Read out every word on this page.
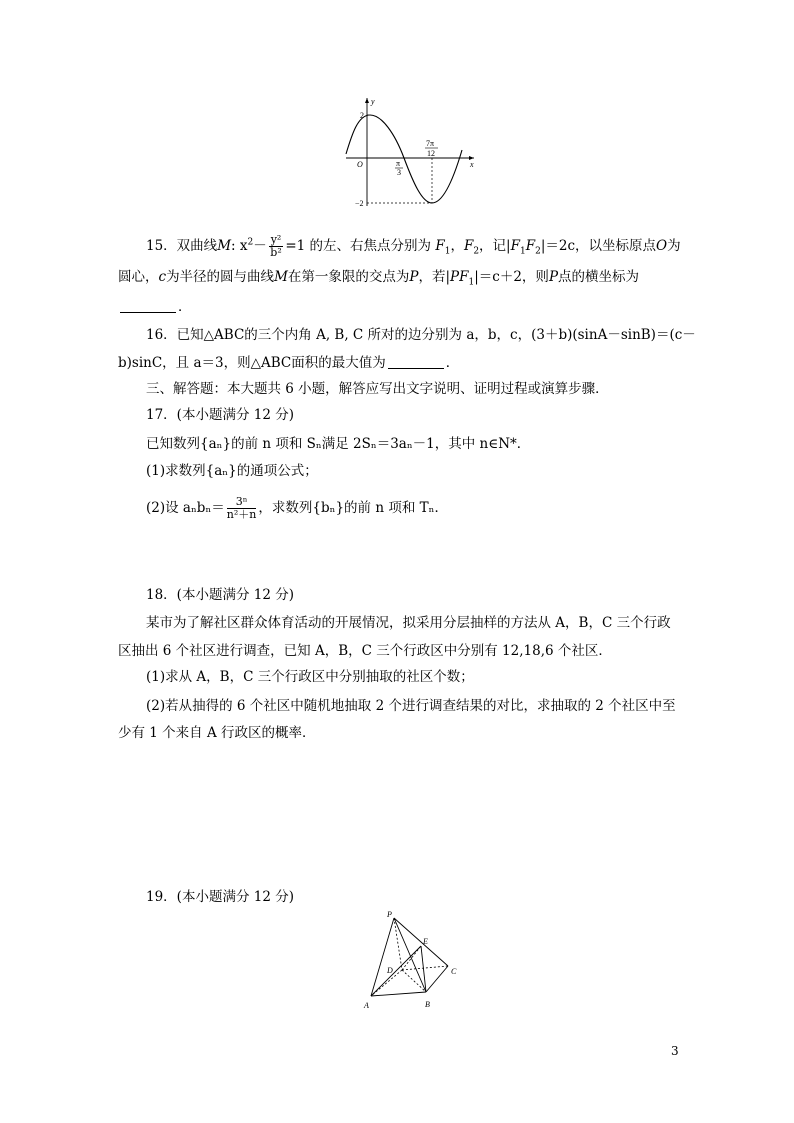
y
x
O
2
−2
π
3
7π
12
15．双曲线M: $x^2- \frac{\text{y²}}{\text{b²}} =1$ 的左、右焦点分别为 $F_1$，$F_2$，记$|F_1F_2|=2c$，以坐标原点O为
圆心，c为半径的圆与曲线M在第一象限的交点为P，若$|PF_1|=c+2$，则P点的横坐标为
．
16．已知△ABC的三个内角 A, B, C 所对的边分别为 a，b，c，(3＋b)(sinA－sinB)＝(c－
b)sinC，且 a＝3，则△ABC面积的最大值为	．
三、解答题：本大题共 6 小题，解答应写出文字说明、证明过程或演算步骤．
17．(本小题满分 12 分)
已知数列{aₙ}的前 n 项和 Sₙ满足 2Sₙ＝3aₙ－1，其中 n∈N*．
(1)求数列{aₙ}的通项公式；
(2)设 $a_nb_n= \frac{\text{3ⁿ}}{\text{n²＋n}}$ ，求数列{bₙ}的前 n 项和 Tₙ．
18．(本小题满分 12 分)
某市为了解社区群众体育活动的开展情况，拟采用分层抽样的方法从 A，B，C 三个行政
区抽出 6 个社区进行调查，已知 A，B，C 三个行政区中分别有 12,18,6 个社区．
(1)求从 A，B，C 三个行政区中分别抽取的社区个数；
(2)若从抽得的 6 个社区中随机地抽取 2 个进行调查结果的对比，求抽取的 2 个社区中至
少有 1 个来自 A 行政区的概率．
19．(本小题满分 12 分)
P
E
D	C
A	B
3
